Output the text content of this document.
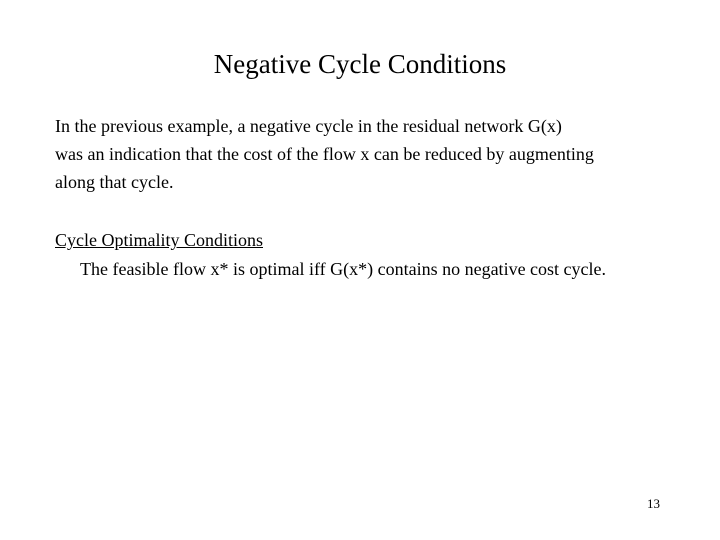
Negative Cycle Conditions
In the previous example, a negative cycle in the residual network G(x)
was an indication that the cost of the flow x can be reduced by augmenting
along that cycle.
Cycle Optimality Conditions
The feasible flow x* is optimal iff G(x*) contains no negative cost cycle.
13
